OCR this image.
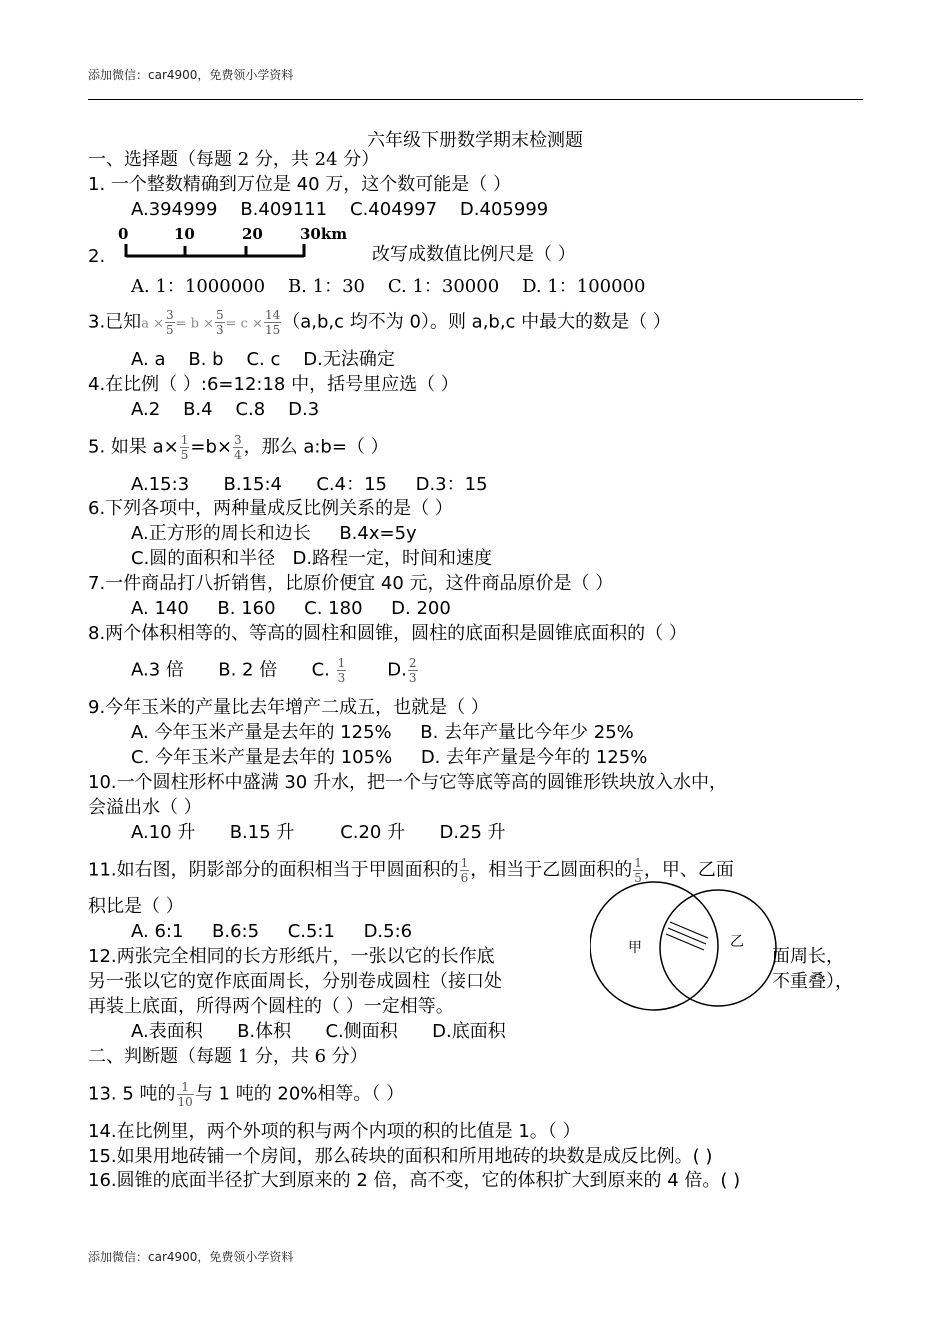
添加微信：car4900，免费领小学资料
六年级下册数学期末检测题
一、选择题（每题 2 分，共 24 分）
1. 一个整数精确到万位是 40 万，这个数可能是（ ）
A.394999 B.409111 C.404997 D.405999
2.
0	10	20 30km
改写成数值比例尺是（ ）
A. 1：1000000 B. 1：30 C. 1：30000 D. 1：100000
3.已知$a \times \frac{3}{5} = b \times \frac{5}{3} = c \times \frac{14}{15} (a,b,c$ 均不为 0）。则 a,b,c 中最大的数是（ ）
A. a B. b C. c D.无法确定
4.在比例（ ）:6=12:18 中，括号里应选（ ）
A.2 B.4 C.8 D.3
5. 如果 $a\times \frac{1}{5} =b\times \frac{3}{4}$ ，那么 a:b=（ ）
A.15:3 B.15:4 C.4：15 D.3：15
6.下列各项中，两种量成反比例关系的是（ ）
A.正方形的周长和边长 B.4x=5y
C.圆的面积和半径 D.路程一定，时间和速度
7.一件商品打八折销售，比原价便宜 40 元，这件商品原价是（ ）
A. 140 B. 160 C. 180 D. 200
8.两个体积相等的、等高的圆柱和圆锥，圆柱的底面积是圆锥底面积的（ ）
A.3 倍 B. 2 倍 C. $\frac{1}{3} D$. $\frac{2}{3}$
9.今年玉米的产量比去年增产二成五，也就是（ ）
A. 今年玉米产量是去年的 125% B. 去年产量比今年少 25%
C. 今年玉米产量是去年的 105% D. 去年产量是今年的 125%
10.一个圆柱形杯中盛满 30 升水，把一个与它等底等高的圆锥形铁块放入水中，
会溢出水（ ）
A.10 升 B.15 升	C.20 升 D.25 升
11.如右图，阴影部分的面积相当于甲圆面积的 $\frac{1}{6}$ ，相当于乙圆面积的 $\frac{1}{5}$ ，甲、乙面
积比是（ ）
A. 6:1 B.6:5 C.5:1 D.5:6
甲	乙
12.两张完全相同的长方形纸片，一张以它的长作底	面周长，
另一张以它的宽作底面周长，分别卷成圆柱（接口处	不重叠），
再装上底面，所得两个圆柱的（ ）一定相等。
A.表面积 B.体积 C.侧面积 D.底面积
二、判断题（每题 1 分，共 6 分）
13. 5 吨的 $\frac{1}{10}$ 与 1 吨的 20%相等。（ ）
14.在比例里，两个外项的积与两个内项的积的比值是 1。（ ）
15.如果用地砖铺一个房间，那么砖块的面积和所用地砖的块数是成反比例。( )
16.圆锥的底面半径扩大到原来的 2 倍，高不变，它的体积扩大到原来的 4 倍。( )
添加微信：car4900，免费领小学资料
